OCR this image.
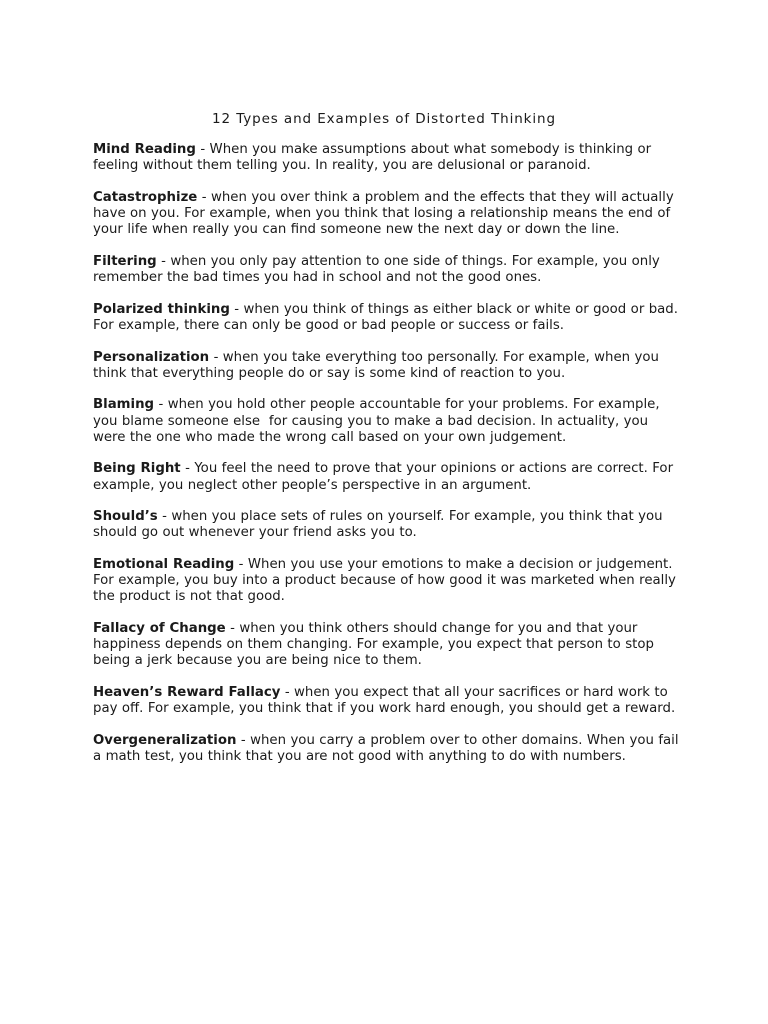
12 Types and Examples of Distorted Thinking

Mind Reading - When you make assumptions about what somebody is thinking or feeling without them telling you. In reality, you are delusional or paranoid.

Catastrophize - when you over think a problem and the effects that they will actually have on you. For example, when you think that losing a relationship means the end of your life when really you can find someone new the next day or down the line.

Filtering - when you only pay attention to one side of things. For example, you only remember the bad times you had in school and not the good ones.

Polarized thinking - when you think of things as either black or white or good or bad. For example, there can only be good or bad people or success or fails.

Personalization - when you take everything too personally. For example, when you think that everything people do or say is some kind of reaction to you.

Blaming - when you hold other people accountable for your problems. For example, you blame someone else  for causing you to make a bad decision. In actuality, you were the one who made the wrong call based on your own judgement.

Being Right - You feel the need to prove that your opinions or actions are correct. For example, you neglect other people’s perspective in an argument.

Should’s - when you place sets of rules on yourself. For example, you think that you should go out whenever your friend asks you to.

Emotional Reading - When you use your emotions to make a decision or judgement. For example, you buy into a product because of how good it was marketed when really the product is not that good.

Fallacy of Change - when you think others should change for you and that your happiness depends on them changing. For example, you expect that person to stop being a jerk because you are being nice to them.

Heaven’s Reward Fallacy - when you expect that all your sacrifices or hard work to pay off. For example, you think that if you work hard enough, you should get a reward.

Overgeneralization - when you carry a problem over to other domains. When you fail a math test, you think that you are not good with anything to do with numbers.
